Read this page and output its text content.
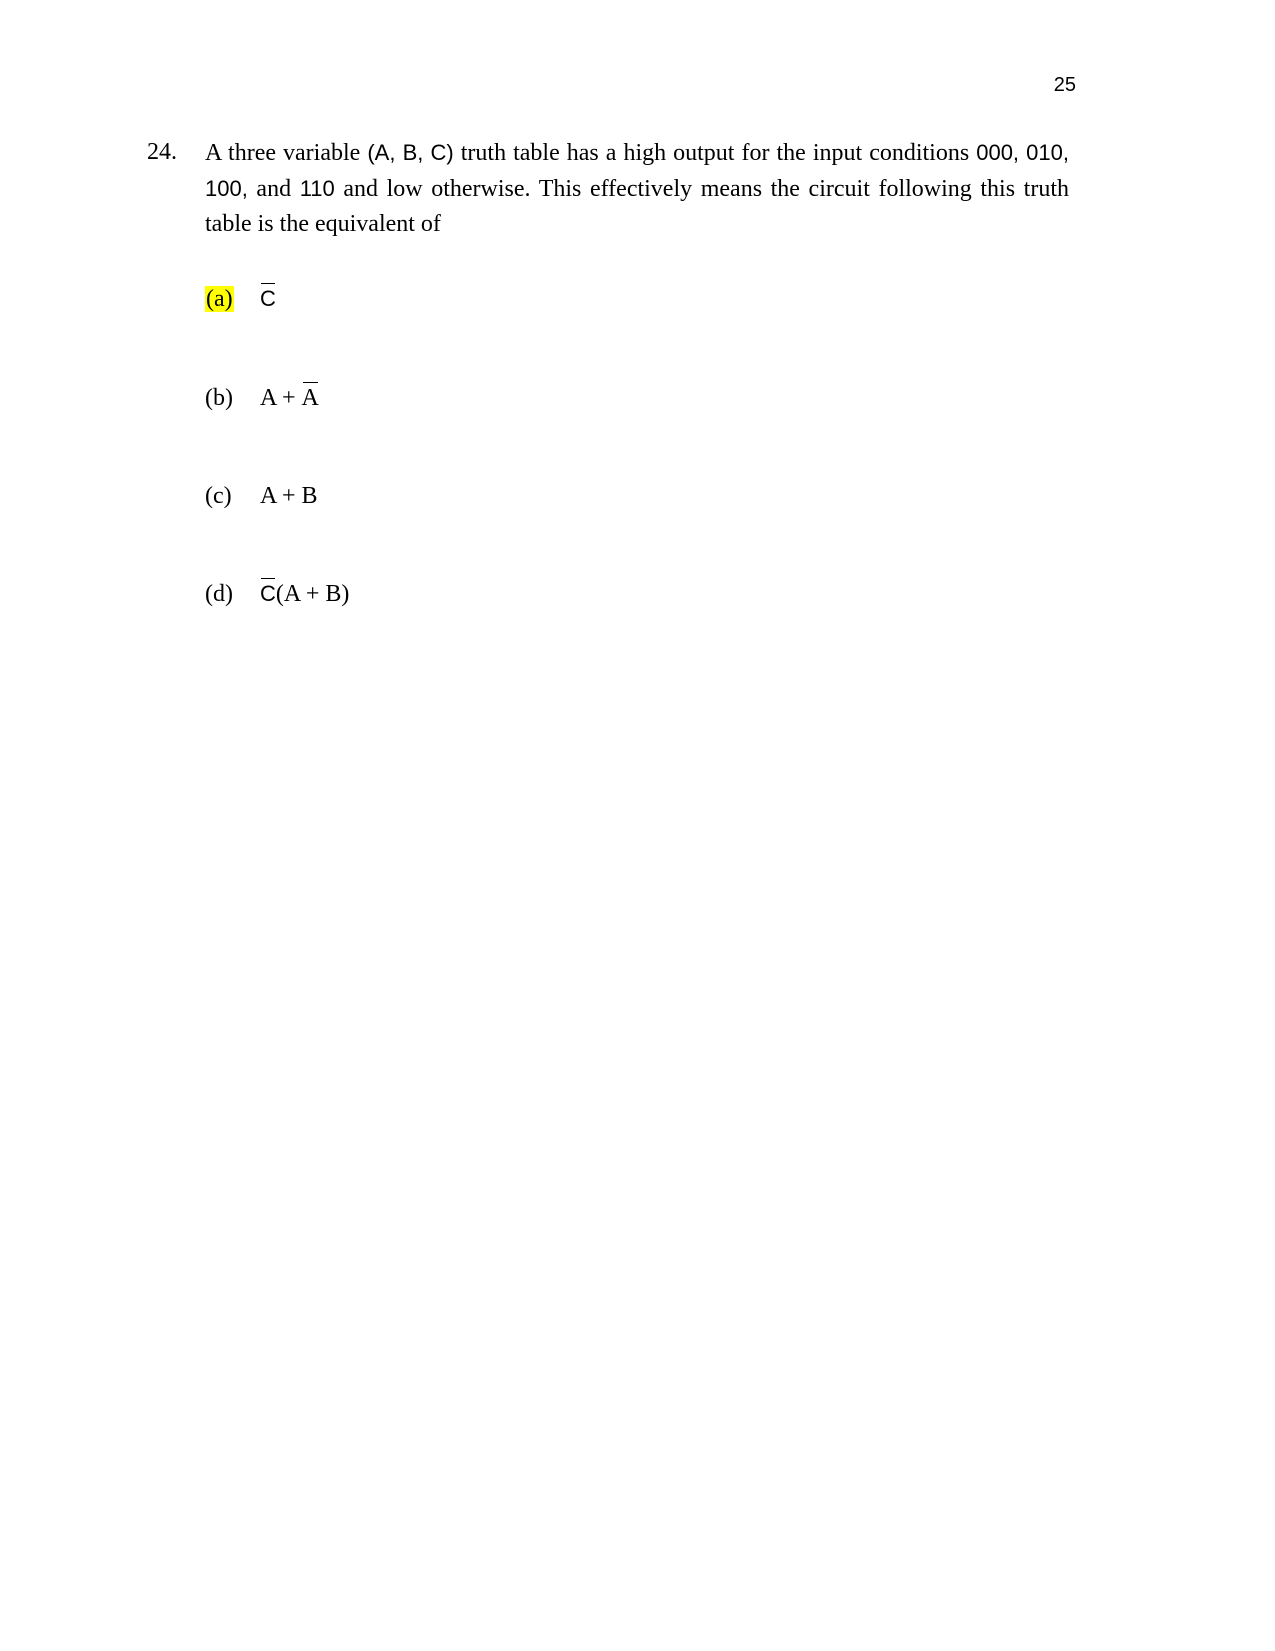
25
24. A three variable (A, B, C) truth table has a high output for the input conditions 000, 010, 100, and 110 and low otherwise. This effectively means the circuit following this truth table is the equivalent of
(a) C
(b) A + A
(c) A + B
(d) C(A + B)
